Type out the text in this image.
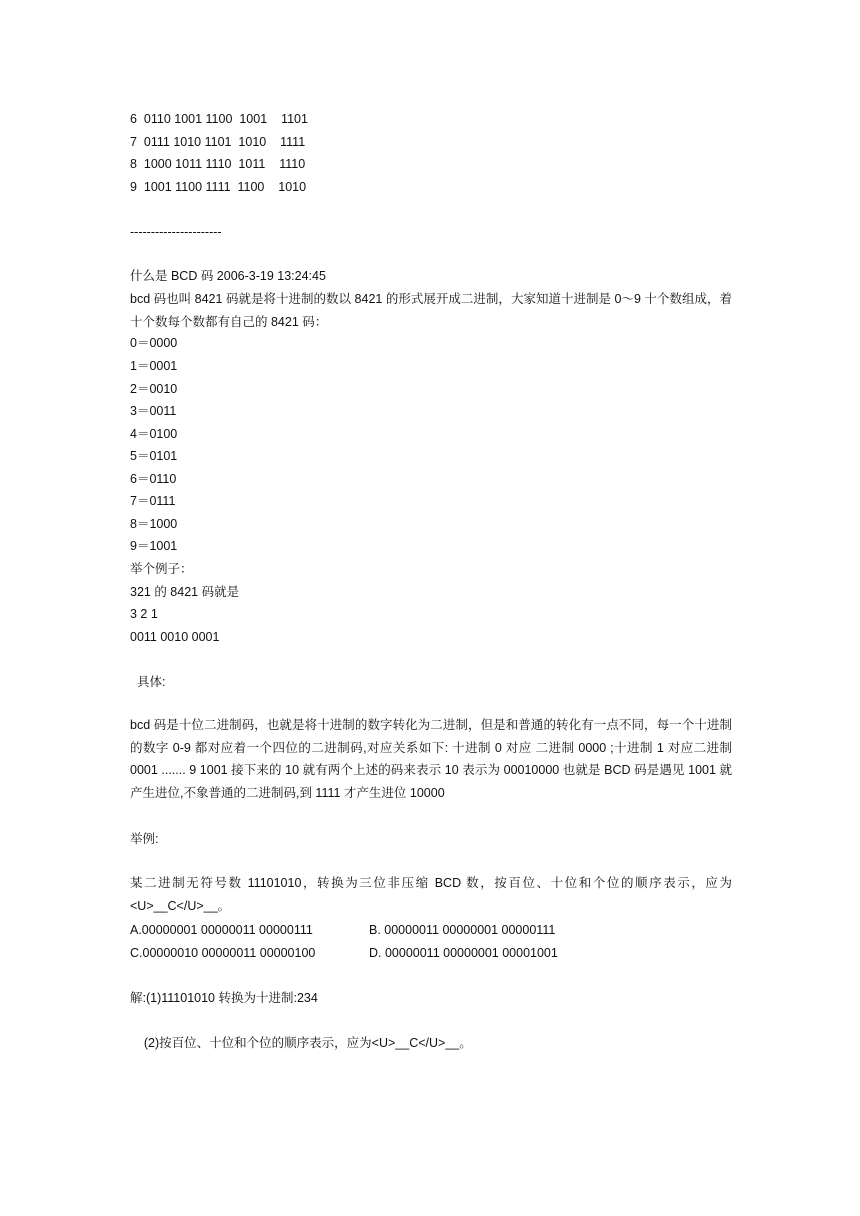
6  0110 1001 1100  1001    1101
7  0111 1010 1101  1010    1111
8  1000 1011 1110  1011    1110
9  1001 1100 1111  1100    1010
----------------------
什么是 BCD 码 2006-3-19 13:24:45
bcd 码也叫 8421 码就是将十进制的数以 8421 的形式展开成二进制，大家知道十进制是 0～9 十个数组成，着十个数每个数都有自己的 8421 码：
0＝0000
1＝0001
2＝0010
3＝0011
4＝0100
5＝0101
6＝0110
7＝0111
8＝1000
9＝1001
举个例子：
321 的 8421 码就是
3 2 1
0011 0010 0001
具体:
bcd 码是十位二进制码，也就是将十进制的数字转化为二进制，但是和普通的转化有一点不同，每一个十进制的数字 0-9 都对应着一个四位的二进制码,对应关系如下: 十进制 0 对应 二进制 0000 ;十进制 1 对应二进制 0001 ....... 9 1001 接下来的 10 就有两个上述的码来表示 10 表示为 00010000 也就是 BCD 码是遇见 1001 就产生进位,不象普通的二进制码,到 1111 才产生进位 10000
举例:
某二进制无符号数 11101010，转换为三位非压缩 BCD 数，按百位、十位和个位的顺序表示，应为<U>__C</U>__。
A.00000001 00000011 00000111	B. 00000011 00000001 00000111
C.00000010 00000011 00000100	D. 00000011 00000001 00001001
解:(1)11101010 转换为十进制:234
(2)按百位、十位和个位的顺序表示，应为<U>__C</U>__。
